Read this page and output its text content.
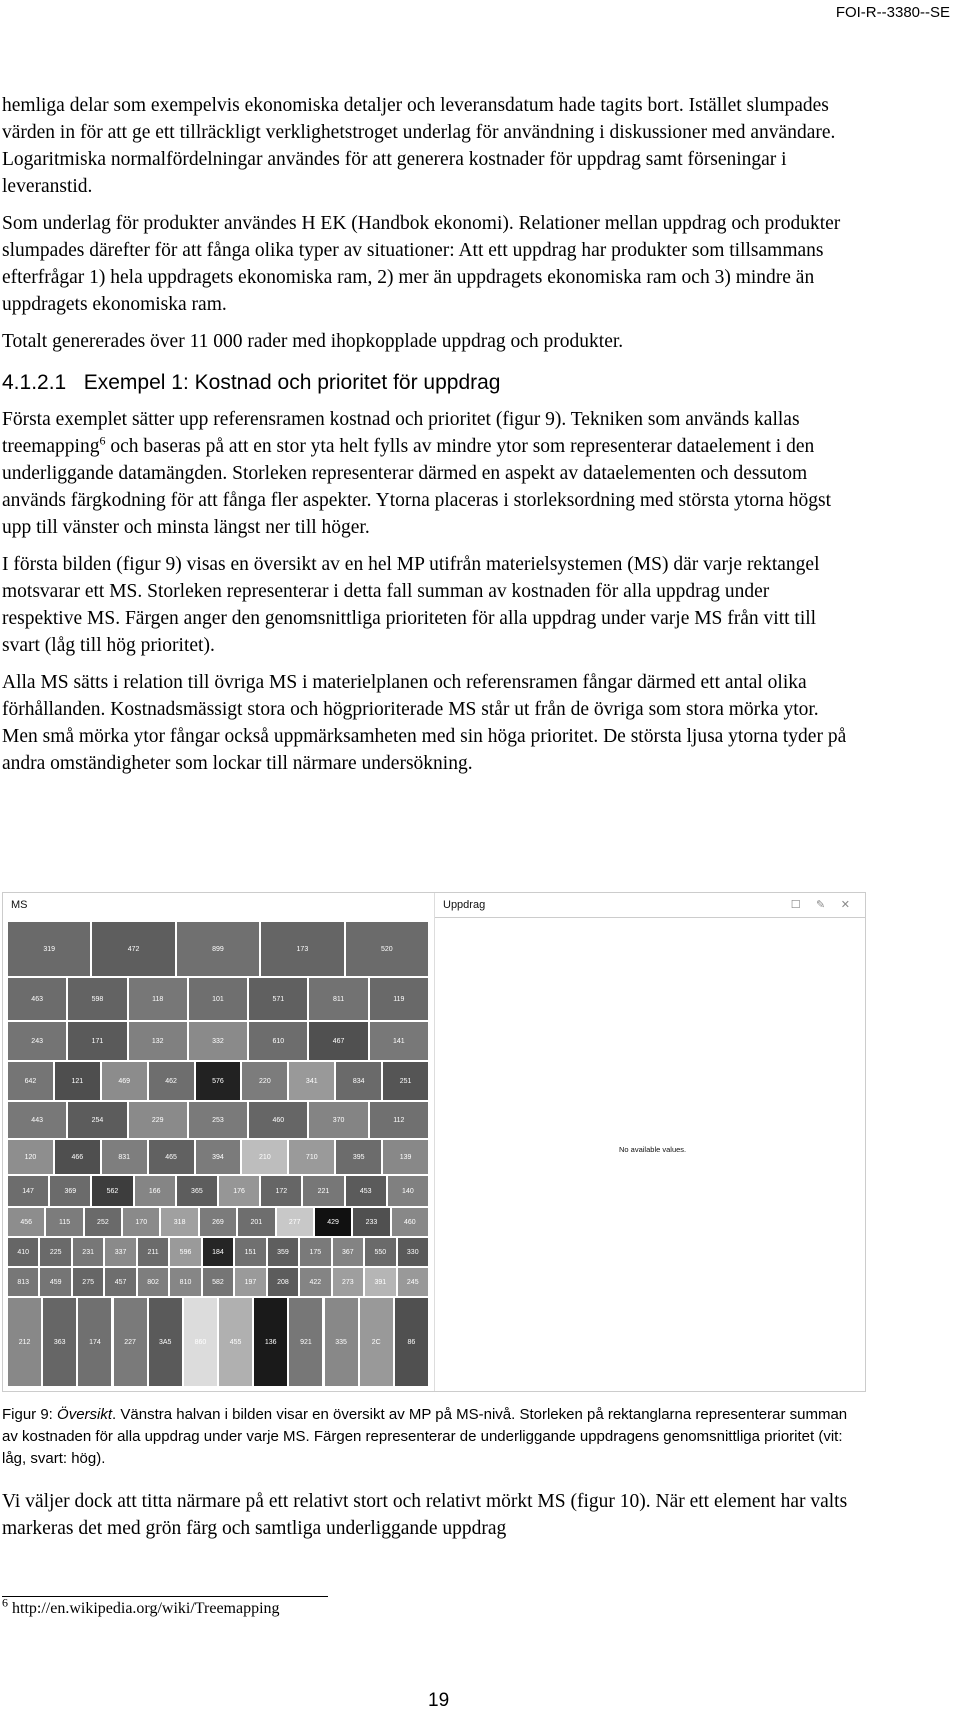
FOI-R--3380--SE

hemliga delar som exempelvis ekonomiska detaljer och leveransdatum hade tagits bort. Istället slumpades värden in för att ge ett tillräckligt verklighetstroget underlag för användning i diskussioner med användare. Logaritmiska normalfördelningar användes för att generera kostnader för uppdrag samt förseningar i leveranstid.

Som underlag för produkter användes H EK (Handbok ekonomi). Relationer mellan uppdrag och produkter slumpades därefter för att fånga olika typer av situationer: Att ett uppdrag har produkter som tillsammans efterfrågar 1) hela uppdragets ekonomiska ram, 2) mer än uppdragets ekonomiska ram och 3) mindre än uppdragets ekonomiska ram.

Totalt genererades över 11 000 rader med ihopkopplade uppdrag och produkter.

4.1.2.1 Exempel 1: Kostnad och prioritet för uppdrag

Första exemplet sätter upp referensramen kostnad och prioritet (figur 9). Tekniken som används kallas treemapping$^6$ och baseras på att en stor yta helt fylls av mindre ytor som representerar dataelement i den underliggande datamängden. Storleken representerar därmed en aspekt av dataelementen och dessutom används färgkodning för att fånga fler aspekter. Ytorna placeras i storleksordning med största ytorna högst upp till vänster och minsta längst ner till höger.

I första bilden (figur 9) visas en översikt av en hel MP utifrån materielsystemen (MS) där varje rektangel motsvarar ett MS. Storleken representerar i detta fall summan av kostnaden för alla uppdrag under respektive MS. Färgen anger den genomsnittliga prioriteten för alla uppdrag under varje MS från vitt till svart (låg till hög prioritet).

Alla MS sätts i relation till övriga MS i materielplanen och referensramen fångar därmed ett antal olika förhållanden. Kostnadsmässigt stora och högprioriterade MS står ut från de övriga som stora mörka ytor. Men små mörka ytor fångar också uppmärksamheten med sin höga prioritet. De största ljusa ytorna tyder på andra omständigheter som lockar till närmare undersökning.

MS
319	472	899	173	520
463	598	118	101	571	811	119
243	171	132	332	610	467	141
642	121	469	462	576	220	341	834	251
443	254	229	253	460	370	112
120	466	831	465	394	210	710	395	139
147	369	562	166	365	176	172	221	453	140
456	115	252	170	318	269	201	277	429	233	460
410	225	231	337	211	596	184	151	359	175	367	550	330
813	459	275	457	802	810	582	197	208	422	273	391	245
212	363	174	227	3A5	860	455	136	921	335	2C	86
Uppdrag	☐ ✎ ✕
No available values.
Figur 9: Översikt. Vänstra halvan i bilden visar en översikt av MP på MS-nivå. Storleken på rektanglarna representerar summan av kostnaden för alla uppdrag under varje MS. Färgen representerar de underliggande uppdragens genomsnittliga prioritet (vit: låg, svart: hög).

Vi väljer dock att titta närmare på ett relativt stort och relativt mörkt MS (figur 10). När ett element har valts markeras det med grön färg och samtliga underliggande uppdrag

$^6$ http://en.wikipedia.org/wiki/Treemapping
19
